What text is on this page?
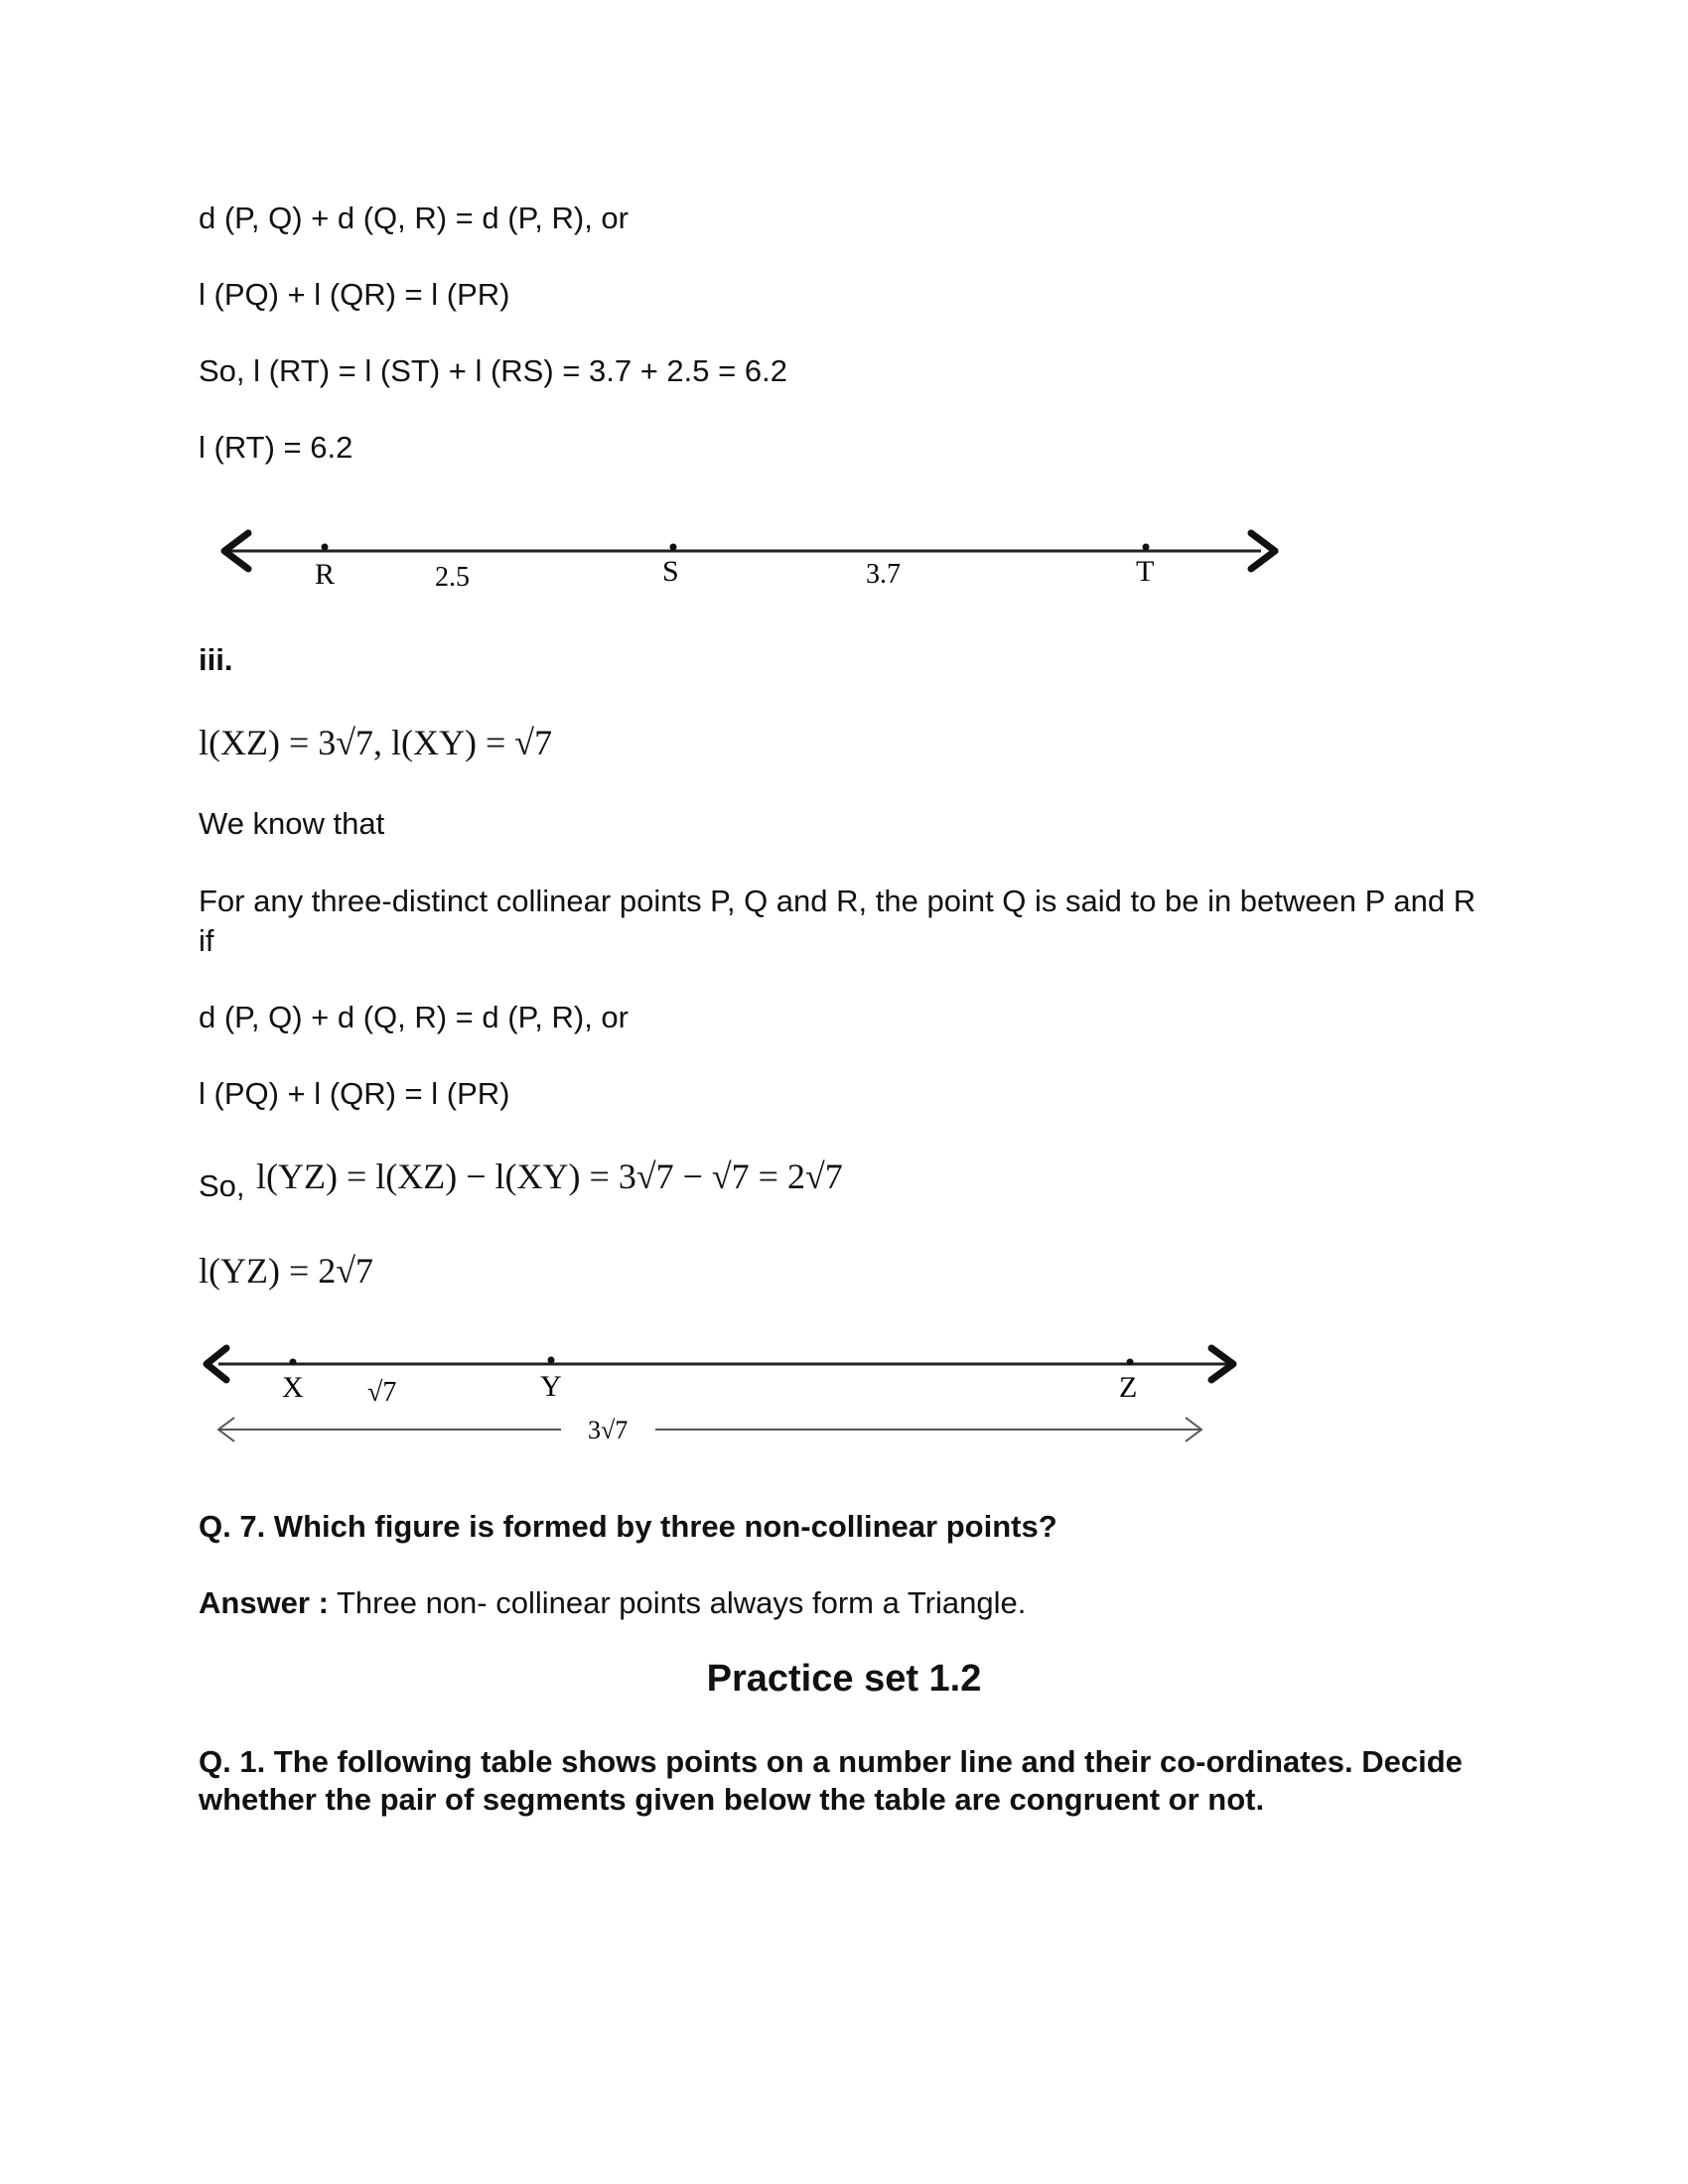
d (P, Q) + d (Q, R) = d (P, R), or
l (PQ) + l (QR) = l (PR)
So, l (RT) = l (ST) + l (RS) = 3.7 + 2.5 = 6.2
l (RT) = 6.2
R	S	T
2.5	3.7
iii.
l(XZ) = 3√7, l(XY) = √7
We know that
For any three-distinct collinear points P, Q and R, the point Q is said to be in between P and R if
d (P, Q) + d (Q, R) = d (P, R), or
l (PQ) + l (QR) = l (PR)
So, l(YZ) = l(XZ) − l(XY) = 3√7 − √7 = 2√7
l(YZ) = 2√7
X	Y	Z
√7
3√7
Q. 7. Which figure is formed by three non-collinear points?
Answer : Three non- collinear points always form a Triangle.
Practice set 1.2
Q. 1. The following table shows points on a number line and their co-ordinates. Decide whether the pair of segments given below the table are congruent or not.
